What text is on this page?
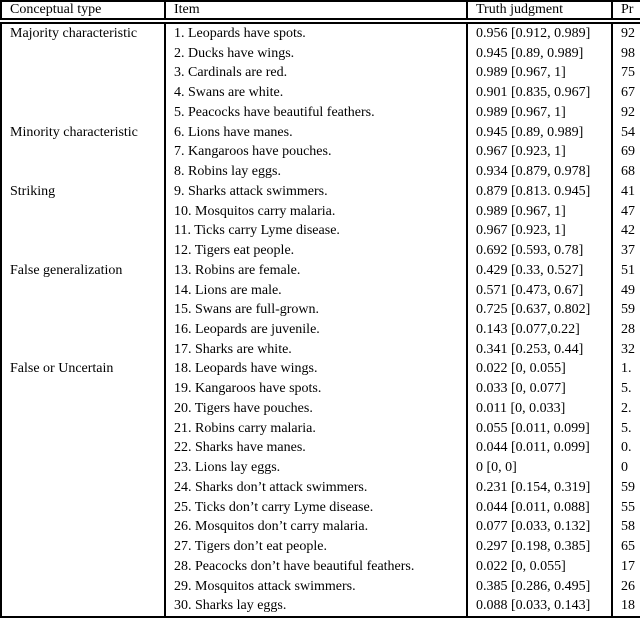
Conceptual type	Item	Truth judgment	Pr
Majority characteristic	1. Leopards have spots.	0.956 [0.912, 0.989]	92
	2. Ducks have wings.	0.945 [0.89, 0.989]	98
	3. Cardinals are red.	0.989 [0.967, 1]	75
	4. Swans are white.	0.901 [0.835, 0.967]	67
	5. Peacocks have beautiful feathers.	0.989 [0.967, 1]	92
Minority characteristic	6. Lions have manes.	0.945 [0.89, 0.989]	54
	7. Kangaroos have pouches.	0.967 [0.923, 1]	69
	8. Robins lay eggs.	0.934 [0.879, 0.978]	68
Striking	9. Sharks attack swimmers.	0.879 [0.813. 0.945]	41
	10. Mosquitos carry malaria.	0.989 [0.967, 1]	47
	11. Ticks carry Lyme disease.	0.967 [0.923, 1]	42
	12. Tigers eat people.	0.692 [0.593, 0.78]	37
False generalization	13. Robins are female.	0.429 [0.33, 0.527]	51
	14. Lions are male.	0.571 [0.473, 0.67]	49
	15. Swans are full-grown.	0.725 [0.637, 0.802]	59
	16. Leopards are juvenile.	0.143 [0.077,0.22]	28
	17. Sharks are white.	0.341 [0.253, 0.44]	32
False or Uncertain	18. Leopards have wings.	0.022 [0, 0.055]	1.
	19. Kangaroos have spots.	0.033 [0, 0.077]	5.
	20. Tigers have pouches.	0.011 [0, 0.033]	2.
	21. Robins carry malaria.	0.055 [0.011, 0.099]	5.
	22. Sharks have manes.	0.044 [0.011, 0.099]	0.
	23. Lions lay eggs.	0 [0, 0]	0
	24. Sharks don’t attack swimmers.	0.231 [0.154, 0.319]	59
	25. Ticks don’t carry Lyme disease.	0.044 [0.011, 0.088]	55
	26. Mosquitos don’t carry malaria.	0.077 [0.033, 0.132]	58
	27. Tigers don’t eat people.	0.297 [0.198, 0.385]	65
	28. Peacocks don’t have beautiful feathers.	0.022 [0, 0.055]	17
	29. Mosquitos attack swimmers.	0.385 [0.286, 0.495]	26
	30. Sharks lay eggs.	0.088 [0.033, 0.143]	18
